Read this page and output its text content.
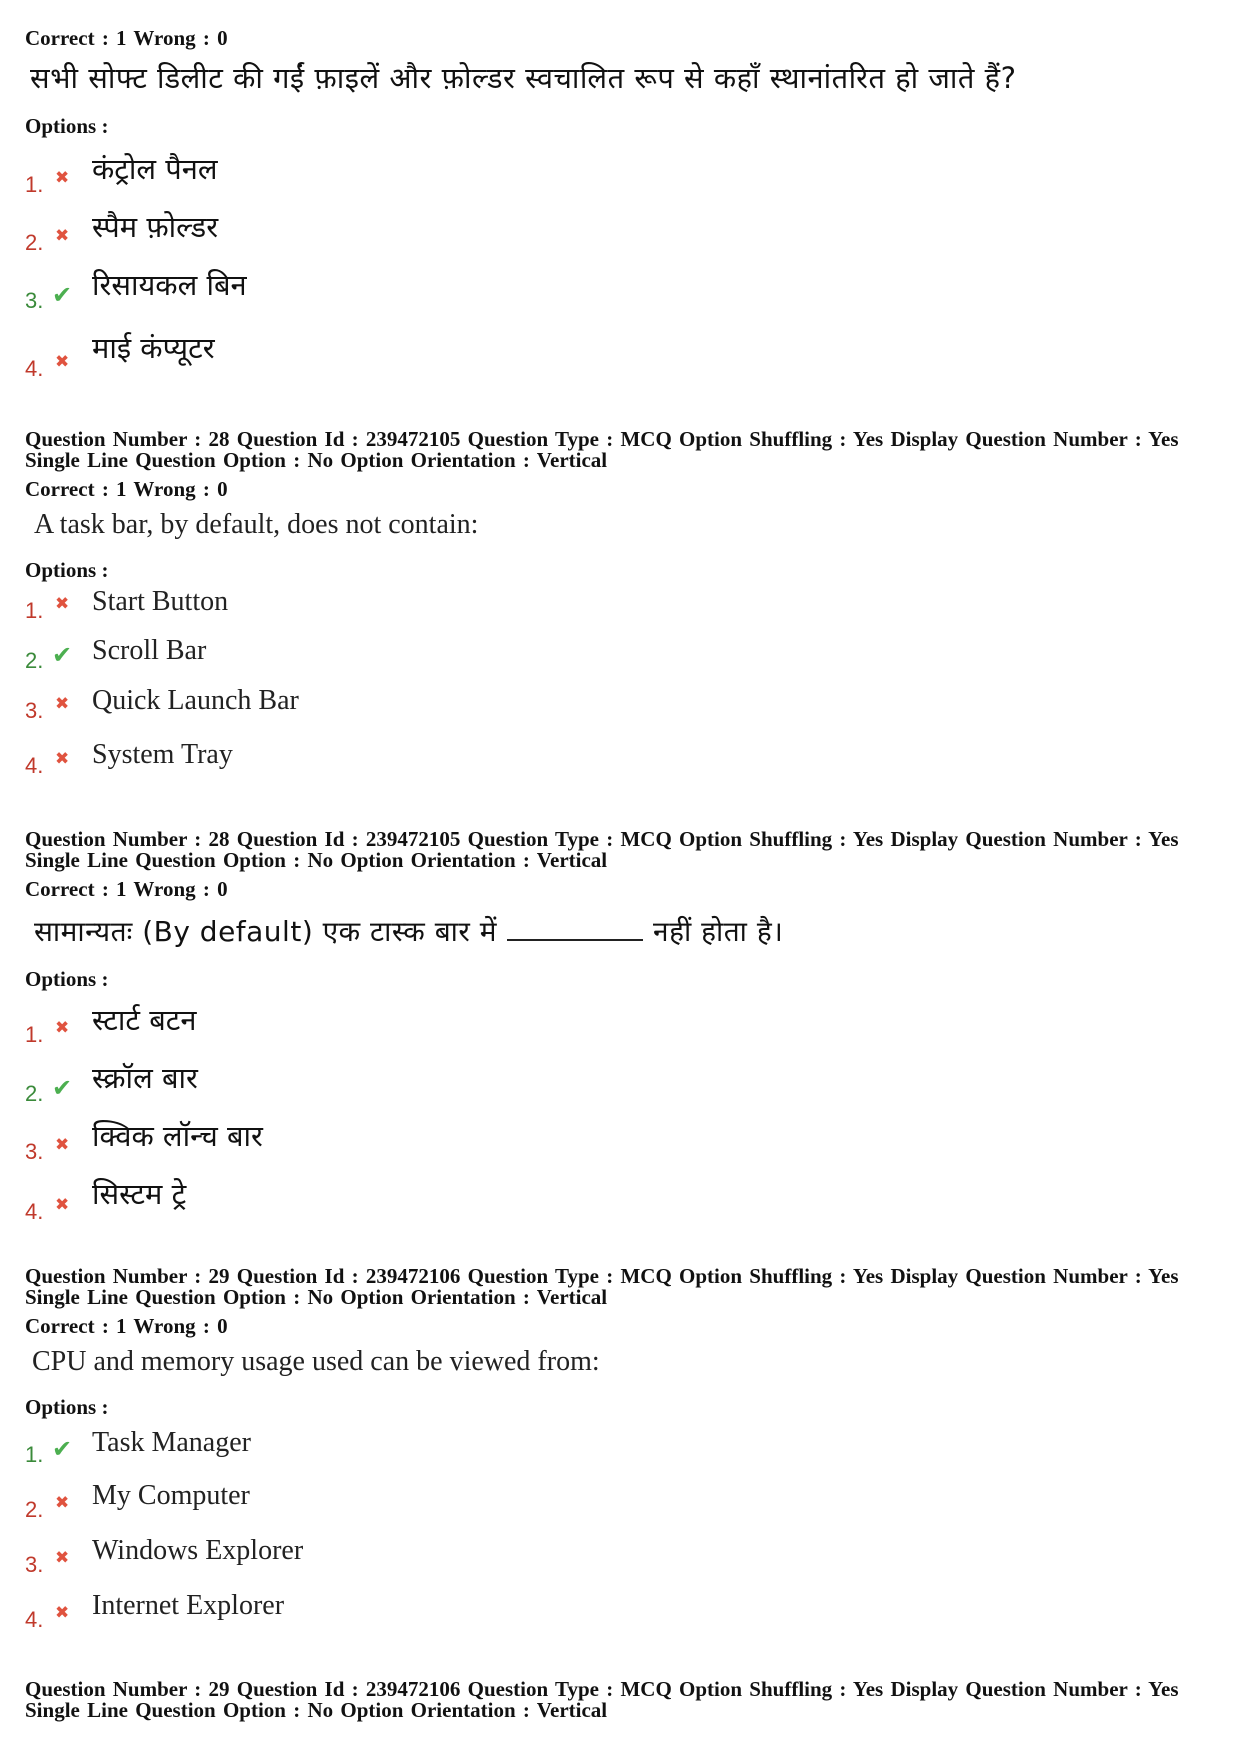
Correct : 1 Wrong : 0
सभी सोफ्ट डिलीट की गईं फ़ाइलें और फ़ोल्डर स्वचालित रूप से कहाँ स्थानांतरित हो जाते हैं?
Options :
1. ✖ कंट्रोल पैनल
2. ✖ स्पैम फ़ोल्डर
3. ✔ रिसायकल बिन
4. ✖ माई कंप्यूटर
Question Number : 28 Question Id : 239472105 Question Type : MCQ Option Shuffling : Yes Display Question Number : Yes
Single Line Question Option : No Option Orientation : Vertical
Correct : 1 Wrong : 0
A task bar, by default, does not contain:
Options :
1. ✖ Start Button
2. ✔ Scroll Bar
3. ✖ Quick Launch Bar
4. ✖ System Tray
Question Number : 28 Question Id : 239472105 Question Type : MCQ Option Shuffling : Yes Display Question Number : Yes
Single Line Question Option : No Option Orientation : Vertical
Correct : 1 Wrong : 0
सामान्यतः (By default) एक टास्क बार में	नहीं होता है।
Options :
1. ✖ स्टार्ट बटन
2. ✔ स्क्रॉल बार
3. ✖ क्विक लॉन्च बार
4. ✖ सिस्टम ट्रे
Question Number : 29 Question Id : 239472106 Question Type : MCQ Option Shuffling : Yes Display Question Number : Yes
Single Line Question Option : No Option Orientation : Vertical
Correct : 1 Wrong : 0
CPU and memory usage used can be viewed from:
Options :
1. ✔ Task Manager
2. ✖ My Computer
3. ✖ Windows Explorer
4. ✖ Internet Explorer
Question Number : 29 Question Id : 239472106 Question Type : MCQ Option Shuffling : Yes Display Question Number : Yes
Single Line Question Option : No Option Orientation : Vertical
